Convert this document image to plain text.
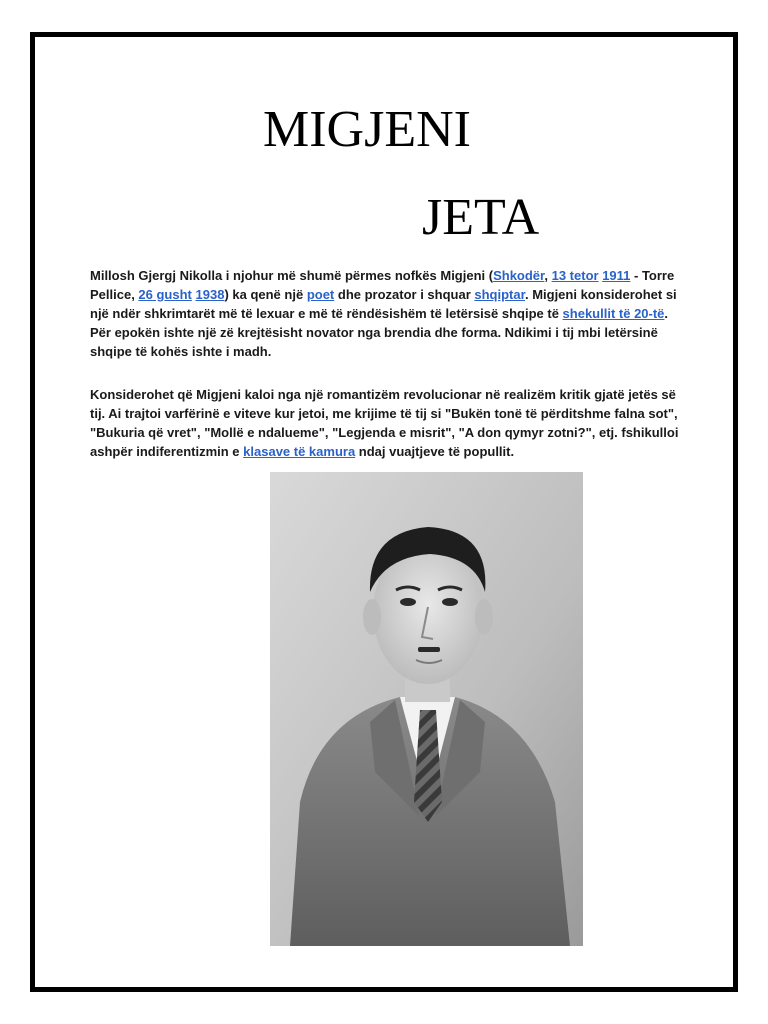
MIGJENI
JETA

Millosh Gjergj Nikolla i njohur më shumë përmes nofkës Migjeni (Shkodër, 13 tetor 1911 - Torre Pellice, 26 gusht 1938) ka qenë një poet dhe prozator i shquar shqiptar. Migjeni konsiderohet si një ndër shkrimtarët më të lexuar e më të rëndësishëm të letërsisë shqipe të shekullit të 20-të. Për epokën ishte një zë krejtësisht novator nga brendia dhe forma. Ndikimi i tij mbi letërsinë shqipe të kohës ishte i madh.

Konsiderohet që Migjeni kaloi nga një romantizëm revolucionar në realizëm kritik gjatë jetës së tij. Ai trajtoi varfërinë e viteve kur jetoi, me krijime të tij si "Bukën tonë të përditshme falna sot", "Bukuria që vret", "Mollë e ndalueme", "Legjenda e misrit", "A don qymyr zotni?", etj. fshikulloi ashpër indiferentizmin e klasave të kamura ndaj vuajtjeve të popullit.
